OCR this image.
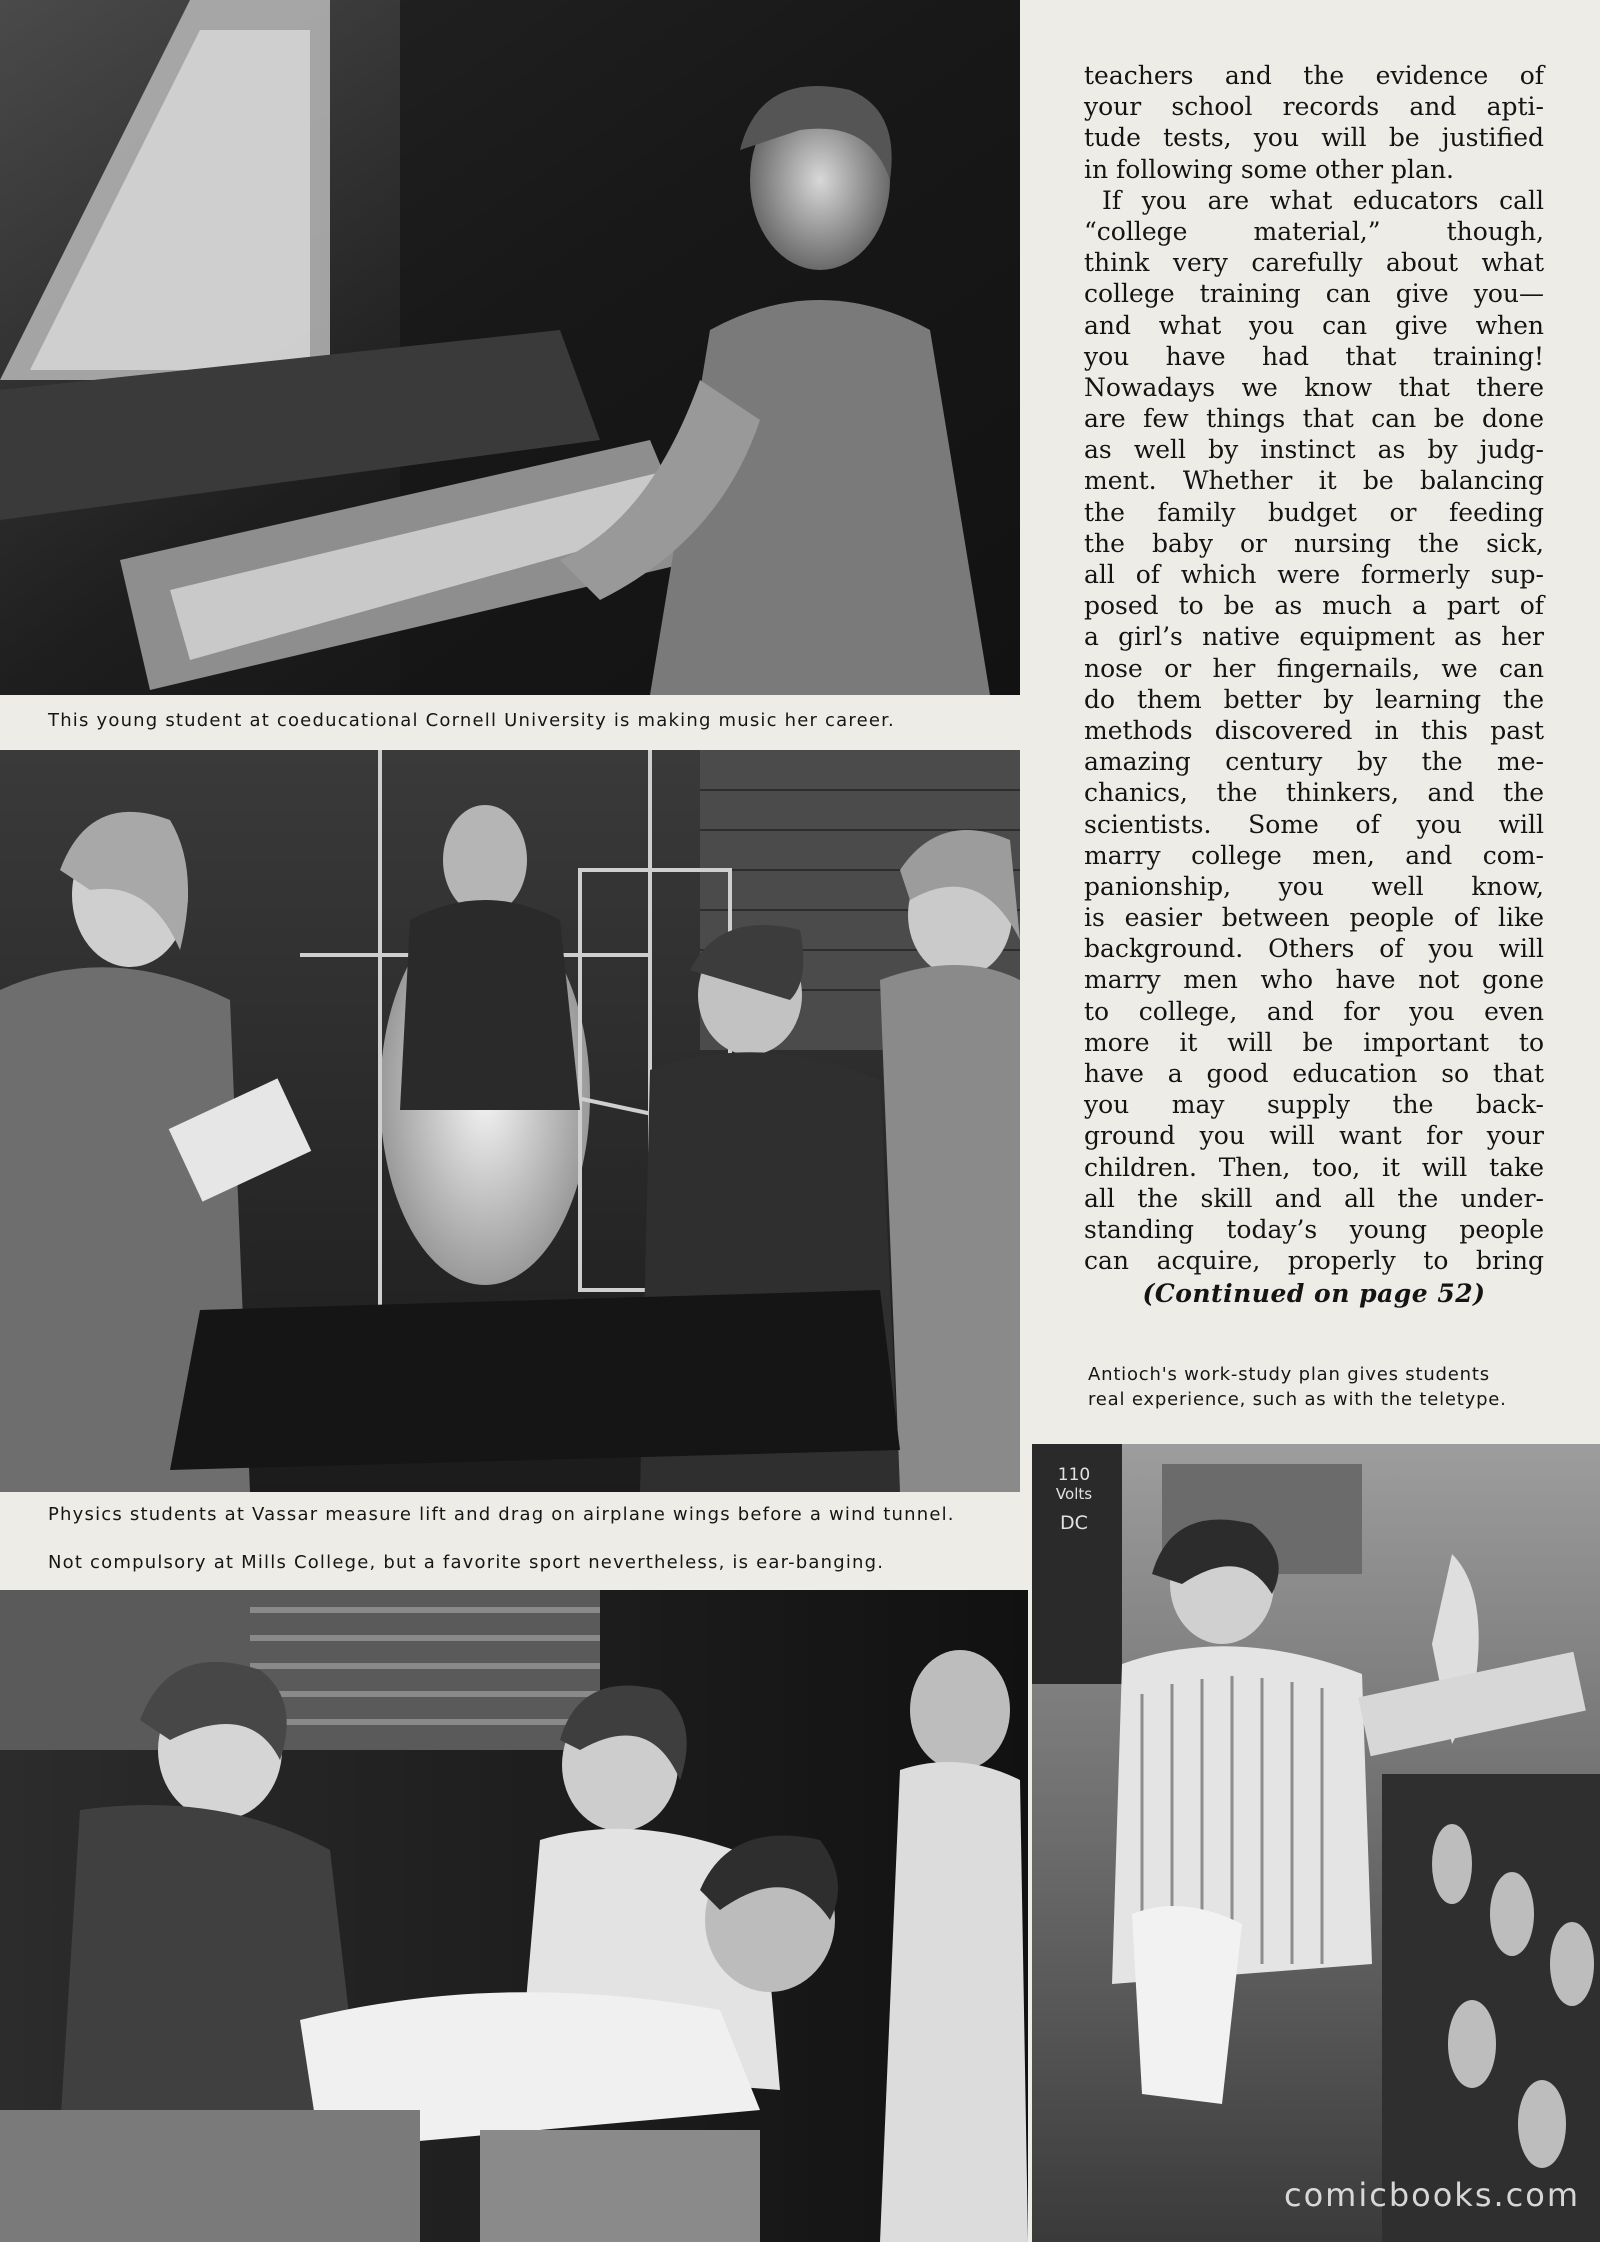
This young student at coeducational Cornell University is making music her career.
Physics students at Vassar measure lift and drag on airplane wings before a wind tunnel.
Not compulsory at Mills College, but a favorite sport nevertheless, is ear-banging.
teachers and the evidence of
your school records and apti-
tude tests, you will be justified
in following some other plan.
If you are what educators call
“college material,” though,
think very carefully about what
college training can give you—
and what you can give when
you have had that training!
Nowadays we know that there
are few things that can be done
as well by instinct as by judg-
ment. Whether it be balancing
the family budget or feeding
the baby or nursing the sick,
all of which were formerly sup-
posed to be as much a part of
a girl’s native equipment as her
nose or her fingernails, we can
do them better by learning the
methods discovered in this past
amazing century by the me-
chanics, the thinkers, and the
scientists. Some of you will
marry college men, and com-
panionship, you well know,
is easier between people of like
background. Others of you will
marry men who have not gone
to college, and for you even
more it will be important to
have a good education so that
you may supply the back-
ground you will want for your
children. Then, too, it will take
all the skill and all the under-
standing today’s young people
can acquire, properly to bring
(Continued on page 52)
Antioch's work-study plan gives students
real experience, such as with the teletype.
110
Volts
DC
comicbooks.com
